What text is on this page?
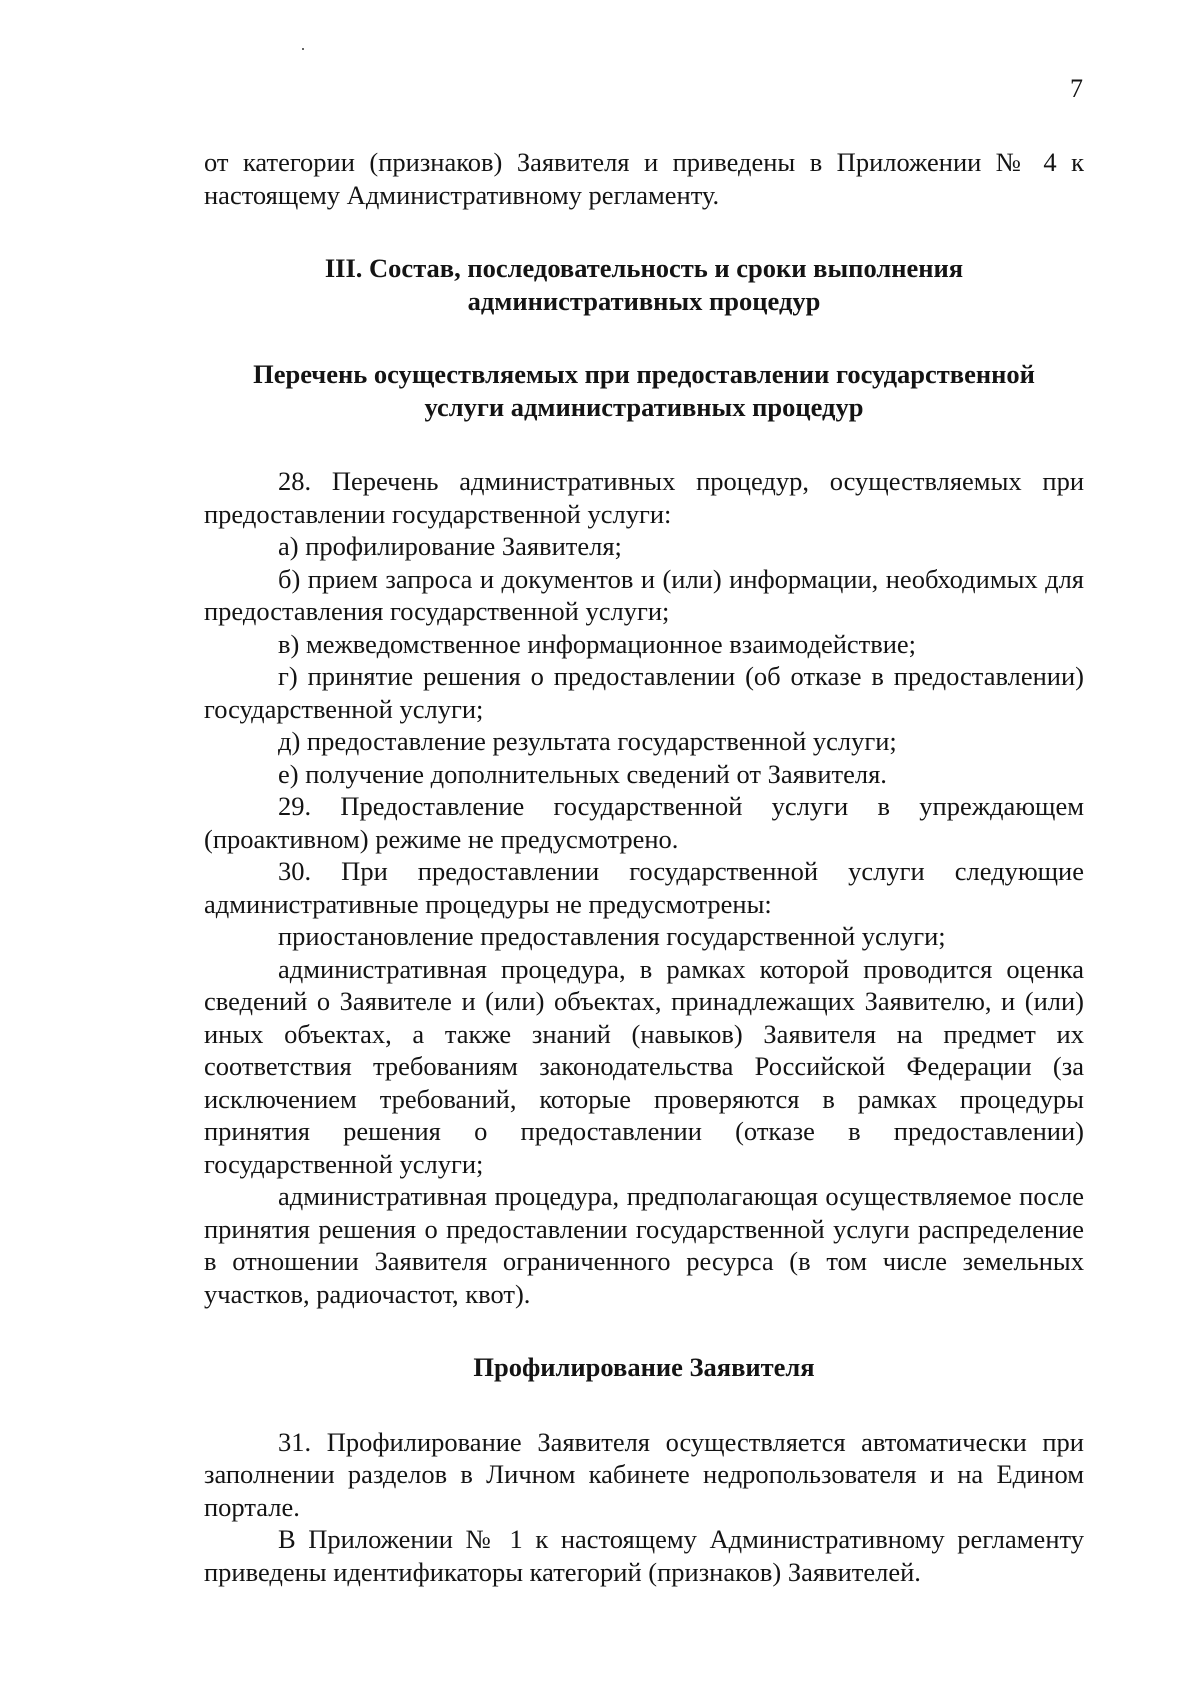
7

от категории (признаков) Заявителя и приведены в Приложении № 4 к настоящему Административному регламенту.

III. Состав, последовательность и сроки выполнения
административных процедур
Перечень осуществляемых при предоставлении государственной
услуги административных процедур

28. Перечень административных процедур, осуществляемых при предоставлении государственной услуги:

а) профилирование Заявителя;

б) прием запроса и документов и (или) информации, необходимых для предоставления государственной услуги;

в) межведомственное информационное взаимодействие;

г) принятие решения о предоставлении (об отказе в предоставлении) государственной услуги;

д) предоставление результата государственной услуги;

е) получение дополнительных сведений от Заявителя.

29. Предоставление государственной услуги в упреждающем (проактивном) режиме не предусмотрено.

30. При предоставлении государственной услуги следующие административные процедуры не предусмотрены:

приостановление предоставления государственной услуги;

административная процедура, в рамках которой проводится оценка сведений о Заявителе и (или) объектах, принадлежащих Заявителю, и (или) иных объектах, а также знаний (навыков) Заявителя на предмет их соответствия требованиям законодательства Российской Федерации (за исключением требований, которые проверяются в рамках процедуры принятия решения о предоставлении (отказе в предоставлении) государственной услуги;

административная процедура, предполагающая осуществляемое после принятия решения о предоставлении государственной услуги распределение в отношении Заявителя ограниченного ресурса (в том числе земельных участков, радиочастот, квот).

Профилирование Заявителя

31. Профилирование Заявителя осуществляется автоматически при заполнении разделов в Личном кабинете недропользователя и на Едином портале.

В Приложении № 1 к настоящему Административному регламенту приведены идентификаторы категорий (признаков) Заявителей.
